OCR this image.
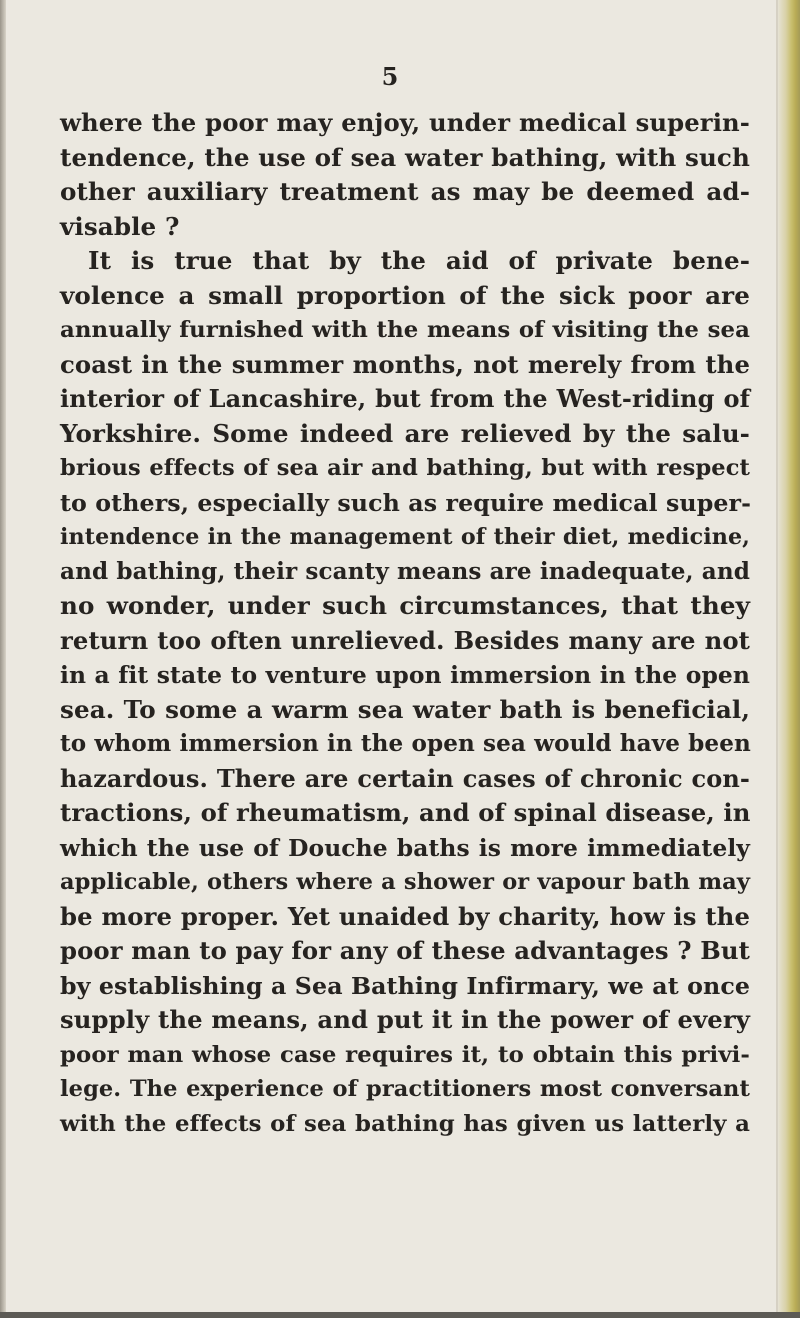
5
where the poor may enjoy, under medical superin-
tendence, the use of sea water bathing, with such
other auxiliary treatment as may be deemed ad-
visable ?
It is true that by the aid of private bene-
volence a small proportion of the sick poor are
annually furnished with the means of visiting the sea
coast in the summer months, not merely from the
interior of Lancashire, but from the West-riding of
Yorkshire. Some indeed are relieved by the salu-
brious effects of sea air and bathing, but with respect
to others, especially such as require medical super-
intendence in the management of their diet, medicine,
and bathing, their scanty means are inadequate, and
no wonder, under such circumstances, that they
return too often unrelieved. Besides many are not
in a fit state to venture upon immersion in the open
sea. To some a warm sea water bath is beneficial,
to whom immersion in the open sea would have been
hazardous. There are certain cases of chronic con-
tractions, of rheumatism, and of spinal disease, in
which the use of Douche baths is more immediately
applicable, others where a shower or vapour bath may
be more proper. Yet unaided by charity, how is the
poor man to pay for any of these advantages ? But
by establishing a Sea Bathing Infirmary, we at once
supply the means, and put it in the power of every
poor man whose case requires it, to obtain this privi-
lege. The experience of practitioners most conversant
with the effects of sea bathing has given us latterly a
